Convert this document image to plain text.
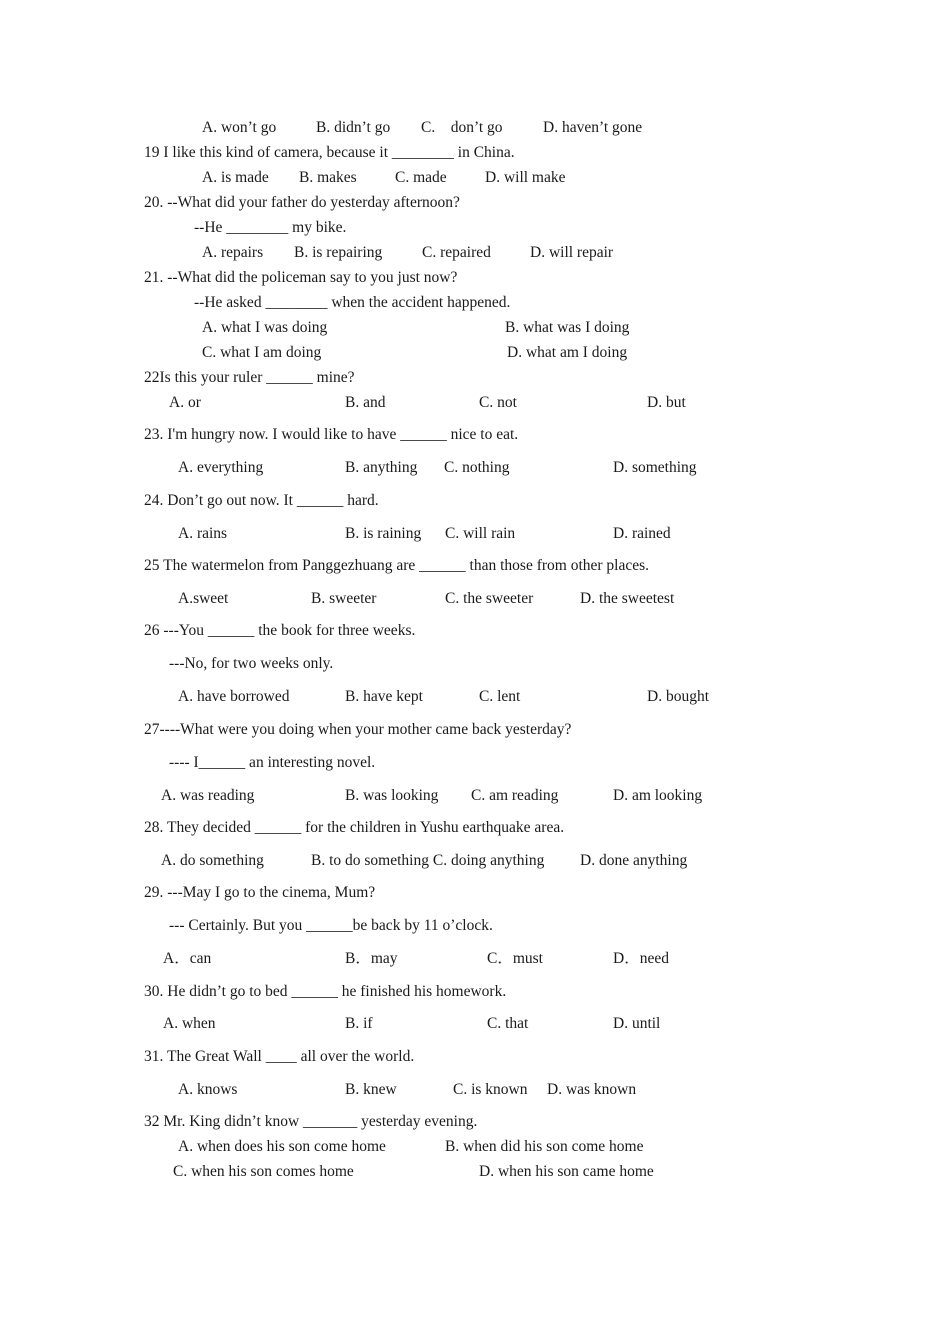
A. won’t go	B. didn’t go C.    don’t go	D. haven’t gone
19 I like this kind of camera, because it ________ in China.
A. is made B. makes C. made D. will make
20. --What did your father do yesterday afternoon?
--He ________ my bike.
A. repairs B. is repairing	C. repaired	D. will repair
21. --What did the policeman say to you just now?
--He asked ________ when the accident happened.
A. what I was doing	B. what was I doing
C. what I am doing	D. what am I doing
22Is this your ruler ______ mine?
A. or	B. and	C. not	D. but
23. I'm hungry now. I would like to have ______ nice to eat.
A. everything	B. anything C. nothing	D. something
24. Don’t go out now. It ______ hard.
A. rains	B. is raining C. will rain	D. rained
25 The watermelon from Panggezhuang are ______ than those from other places.
A.sweet	B. sweeter	C. the sweeter	D. the sweetest
26 ---You ______ the book for three weeks.
---No, for two weeks only.
A. have borrowed	B. have kept	C. lent	D. bought
27----What were you doing when your mother came back yesterday?
---- I______ an interesting novel.
A. was reading	B. was looking C. am reading	D. am looking
28. They decided ______ for the children in Yushu earthquake area.
A. do something	B. to do something C. doing anything D. done anything
29. ---May I go to the cinema, Mum?
--- Certainly. But you ______be back by 11 o’clock.
A．can	B．may	C．must	D．need
30. He didn’t go to bed ______ he finished his homework.
A. when	B. if	C. that	D. until
31. The Great Wall ____ all over the world.
A. knows	B. knew	C. is known D. was known
32 Mr. King didn’t know _______ yesterday evening.
A. when does his son come home	B. when did his son come home
C. when his son comes home	D. when his son came home
